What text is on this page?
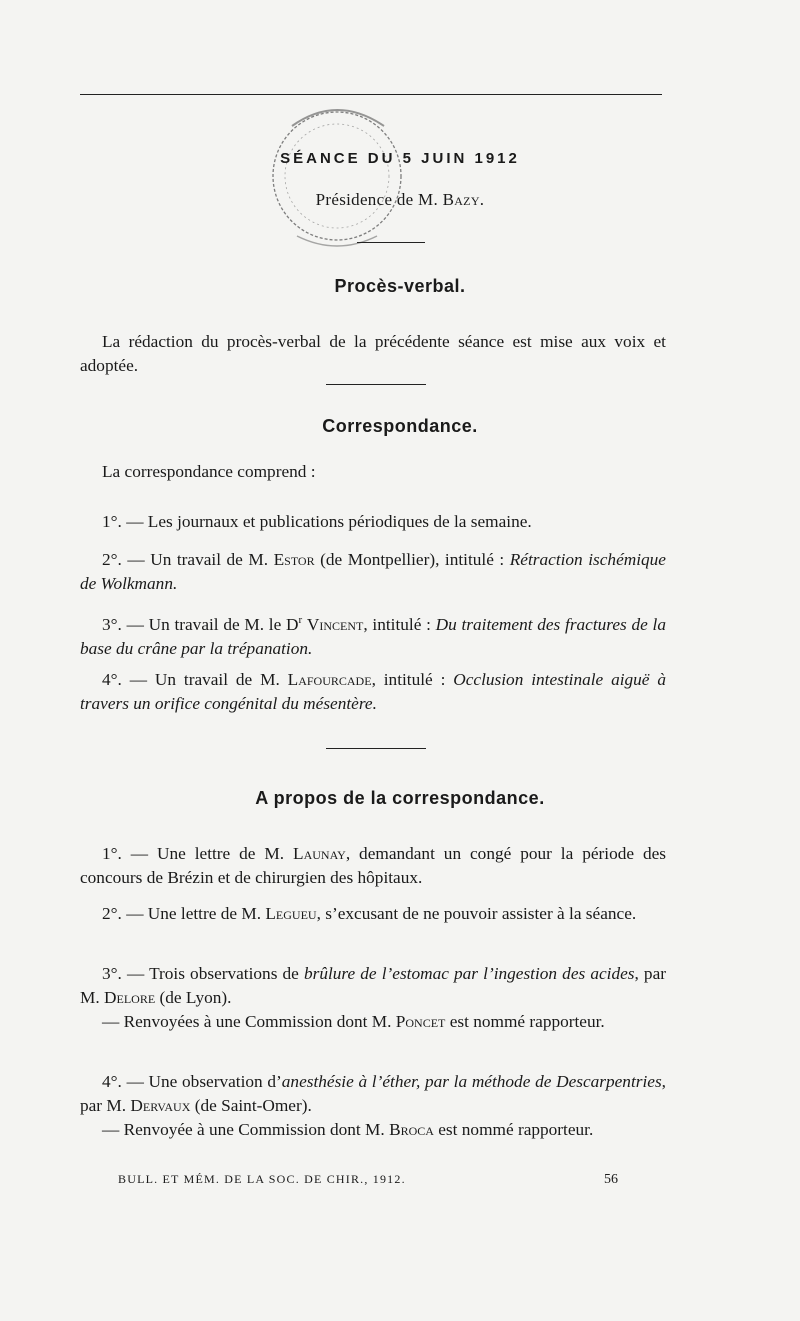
SÉANCE DU 5 JUIN 1912
Présidence de M. Bazy.
Procès-verbal.
La rédaction du procès-verbal de la précédente séance est mise aux voix et adoptée.
Correspondance.
La correspondance comprend :
1°. — Les journaux et publications périodiques de la semaine.
2°. — Un travail de M. Estor (de Montpellier), intitulé : Rétraction ischémique de Wolkmann.
3°. — Un travail de M. le $D^r$ Vincent, intitulé : Du traitement des fractures de la base du crâne par la trépanation.
4°. — Un travail de M. Lafourcade, intitulé : Occlusion intestinale aiguë à travers un orifice congénital du mésentère.
A propos de la correspondance.
1°. — Une lettre de M. Launay, demandant un congé pour la période des concours de Brézin et de chirurgien des hôpitaux.
2°. — Une lettre de M. Legueu, s’excusant de ne pouvoir assister à la séance.
3°. — Trois observations de brûlure de l’estomac par l’ingestion des acides, par M. Delore (de Lyon).
— Renvoyées à une Commission dont M. Poncet est nommé rapporteur.
4°. — Une observation d’anesthésie à l’éther, par la méthode de Descarpentries, par M. Dervaux (de Saint-Omer).
— Renvoyée à une Commission dont M. Broca est nommé rapporteur.
BULL. ET MÉM. DE LA SOC. DE CHIR., 1912.	56
